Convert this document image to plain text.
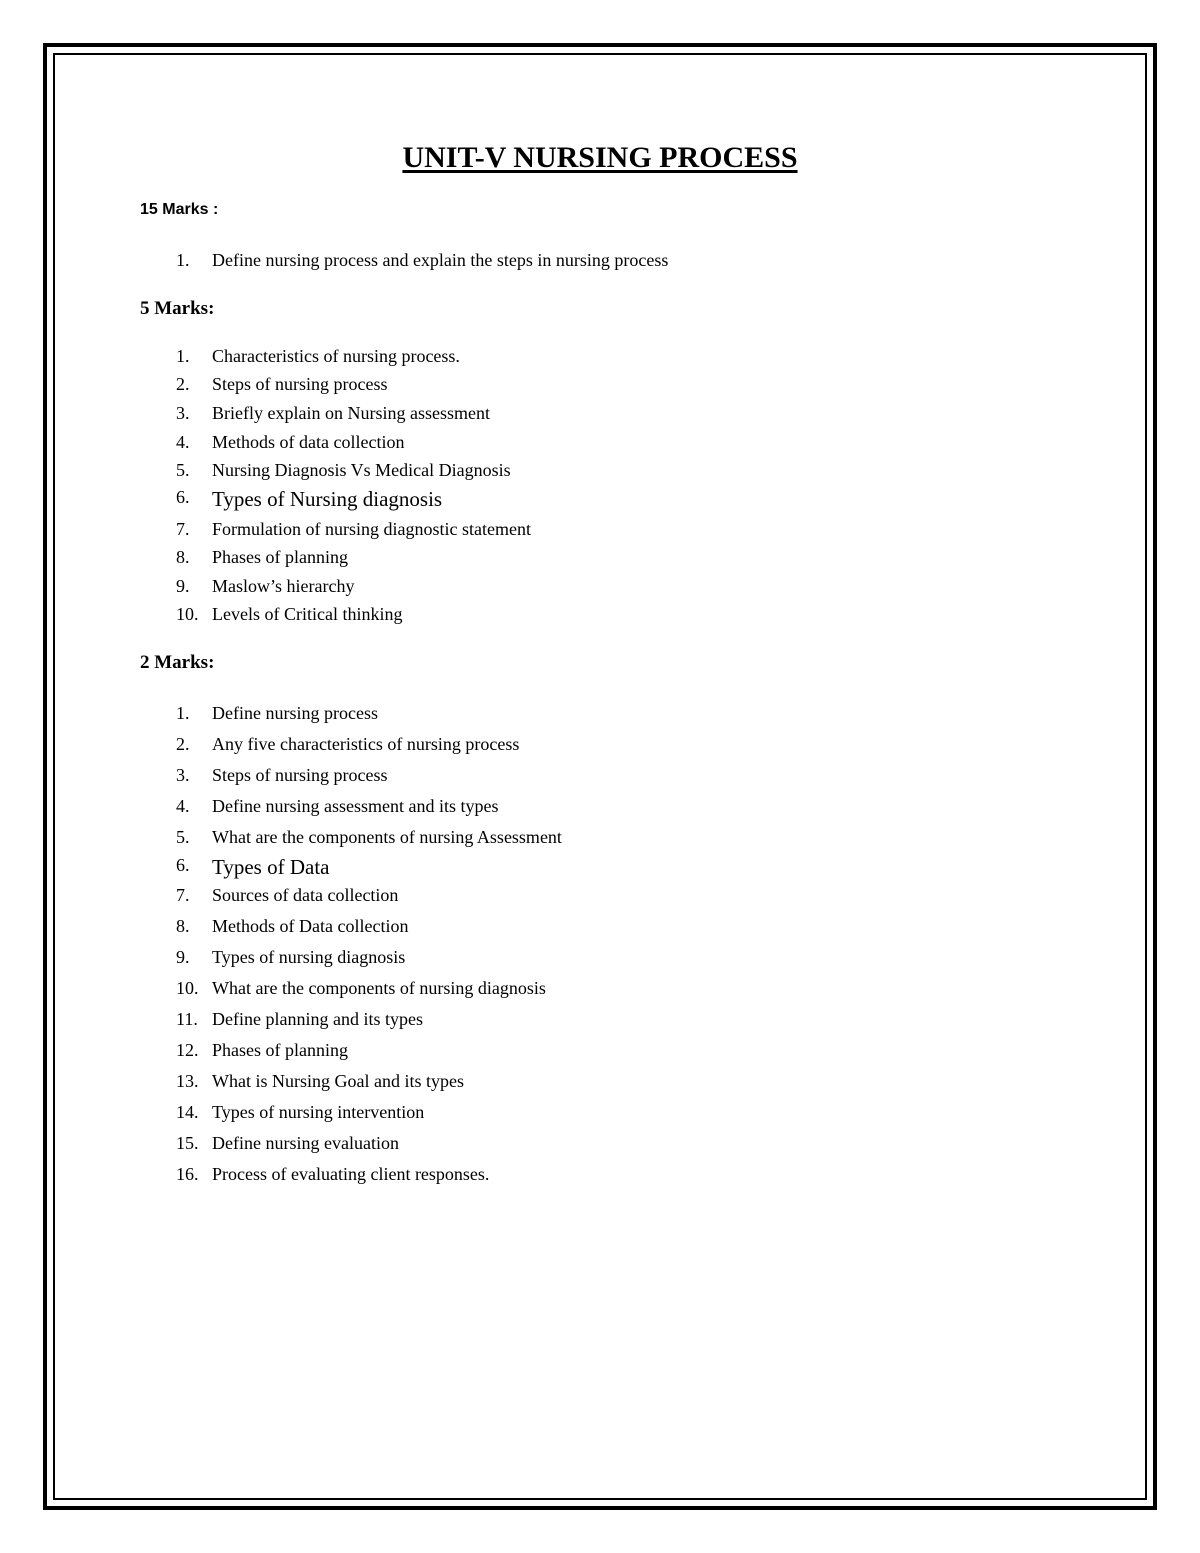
UNIT-V NURSING PROCESS

15 Marks :

1.	Define nursing process and explain the steps in nursing process

5 Marks:

1.	Characteristics of nursing process.
2.	Steps of nursing process
3.	Briefly explain on Nursing assessment
4.	Methods of data collection
5.	Nursing Diagnosis Vs Medical Diagnosis
6.	Types of Nursing diagnosis
7.	Formulation of nursing diagnostic statement
8.	Phases of planning
9.	Maslow’s hierarchy
10. Levels of Critical thinking

2 Marks:

1.	Define nursing process
2.	Any five characteristics of nursing process
3.	Steps of nursing process
4.	Define nursing assessment and its types
5.	What are the components of nursing Assessment
6.	Types of Data
7.	Sources of data collection
8.	Methods of Data collection
9.	Types of nursing diagnosis
10. What are the components of nursing diagnosis
11. Define planning and its types
12. Phases of planning
13. What is Nursing Goal and its types
14. Types of nursing intervention
15. Define nursing evaluation
16. Process of evaluating client responses.
